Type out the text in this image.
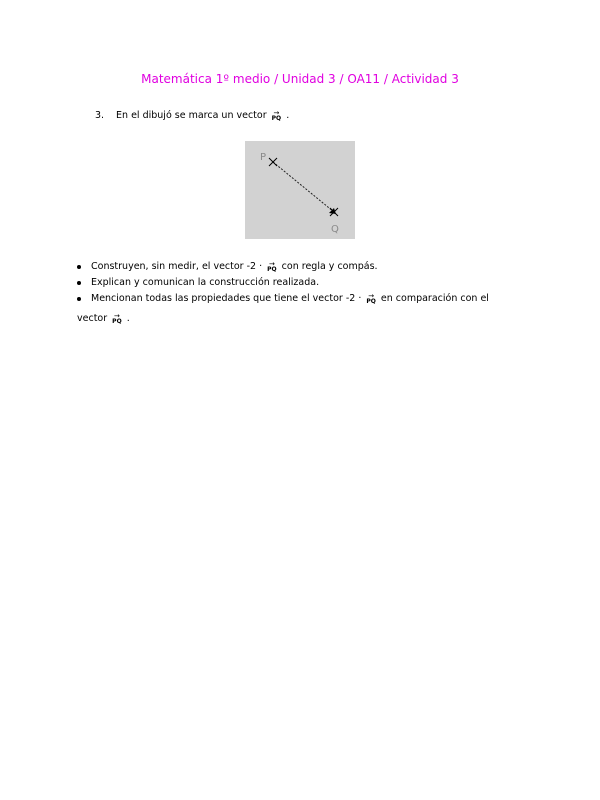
Matemática 1º medio / Unidad 3 / OA11 / Actividad 3
3. En el dibujó se marca un vector →
PQ .
P
Q
Construyen, sin medir, el vector -2 · →
PQ con regla y compás.
Explican y comunican la construcción realizada.
Mencionan todas las propiedades que tiene el vector -2 · →
PQ en comparación con el
vector →
PQ .
